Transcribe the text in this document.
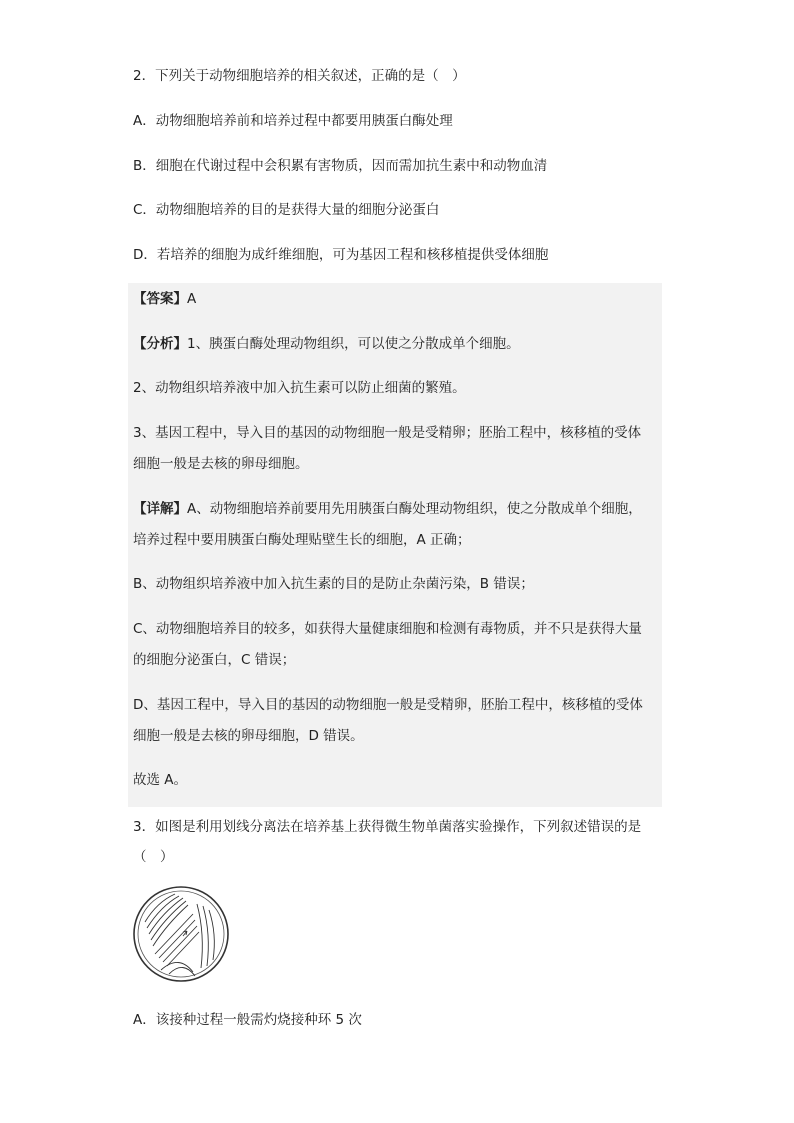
2．下列关于动物细胞培养的相关叙述，正确的是（　）
A．动物细胞培养前和培养过程中都要用胰蛋白酶处理
B．细胞在代谢过程中会积累有害物质，因而需加抗生素中和动物血清
C．动物细胞培养的目的是获得大量的细胞分泌蛋白
D．若培养的细胞为成纤维细胞，可为基因工程和核移植提供受体细胞
【答案】A
【分析】1、胰蛋白酶处理动物组织，可以使之分散成单个细胞。
2、动物组织培养液中加入抗生素可以防止细菌的繁殖。
3、基因工程中，导入目的基因的动物细胞一般是受精卵；胚胎工程中，核移植的受体
细胞一般是去核的卵母细胞。
【详解】A、动物细胞培养前要用先用胰蛋白酶处理动物组织，使之分散成单个细胞，
培养过程中要用胰蛋白酶处理贴壁生长的细胞，A 正确；
B、动物组织培养液中加入抗生素的目的是防止杂菌污染，B 错误；
C、动物细胞培养目的较多，如获得大量健康细胞和检测有毒物质，并不只是获得大量
的细胞分泌蛋白，C 错误；
D、基因工程中，导入目的基因的动物细胞一般是受精卵，胚胎工程中，核移植的受体
细胞一般是去核的卵母细胞，D 错误。
故选 A。
3．如图是利用划线分离法在培养基上获得微生物单菌落实验操作，下列叙述错误的是
（　）
A．该接种过程一般需灼烧接种环 5 次
